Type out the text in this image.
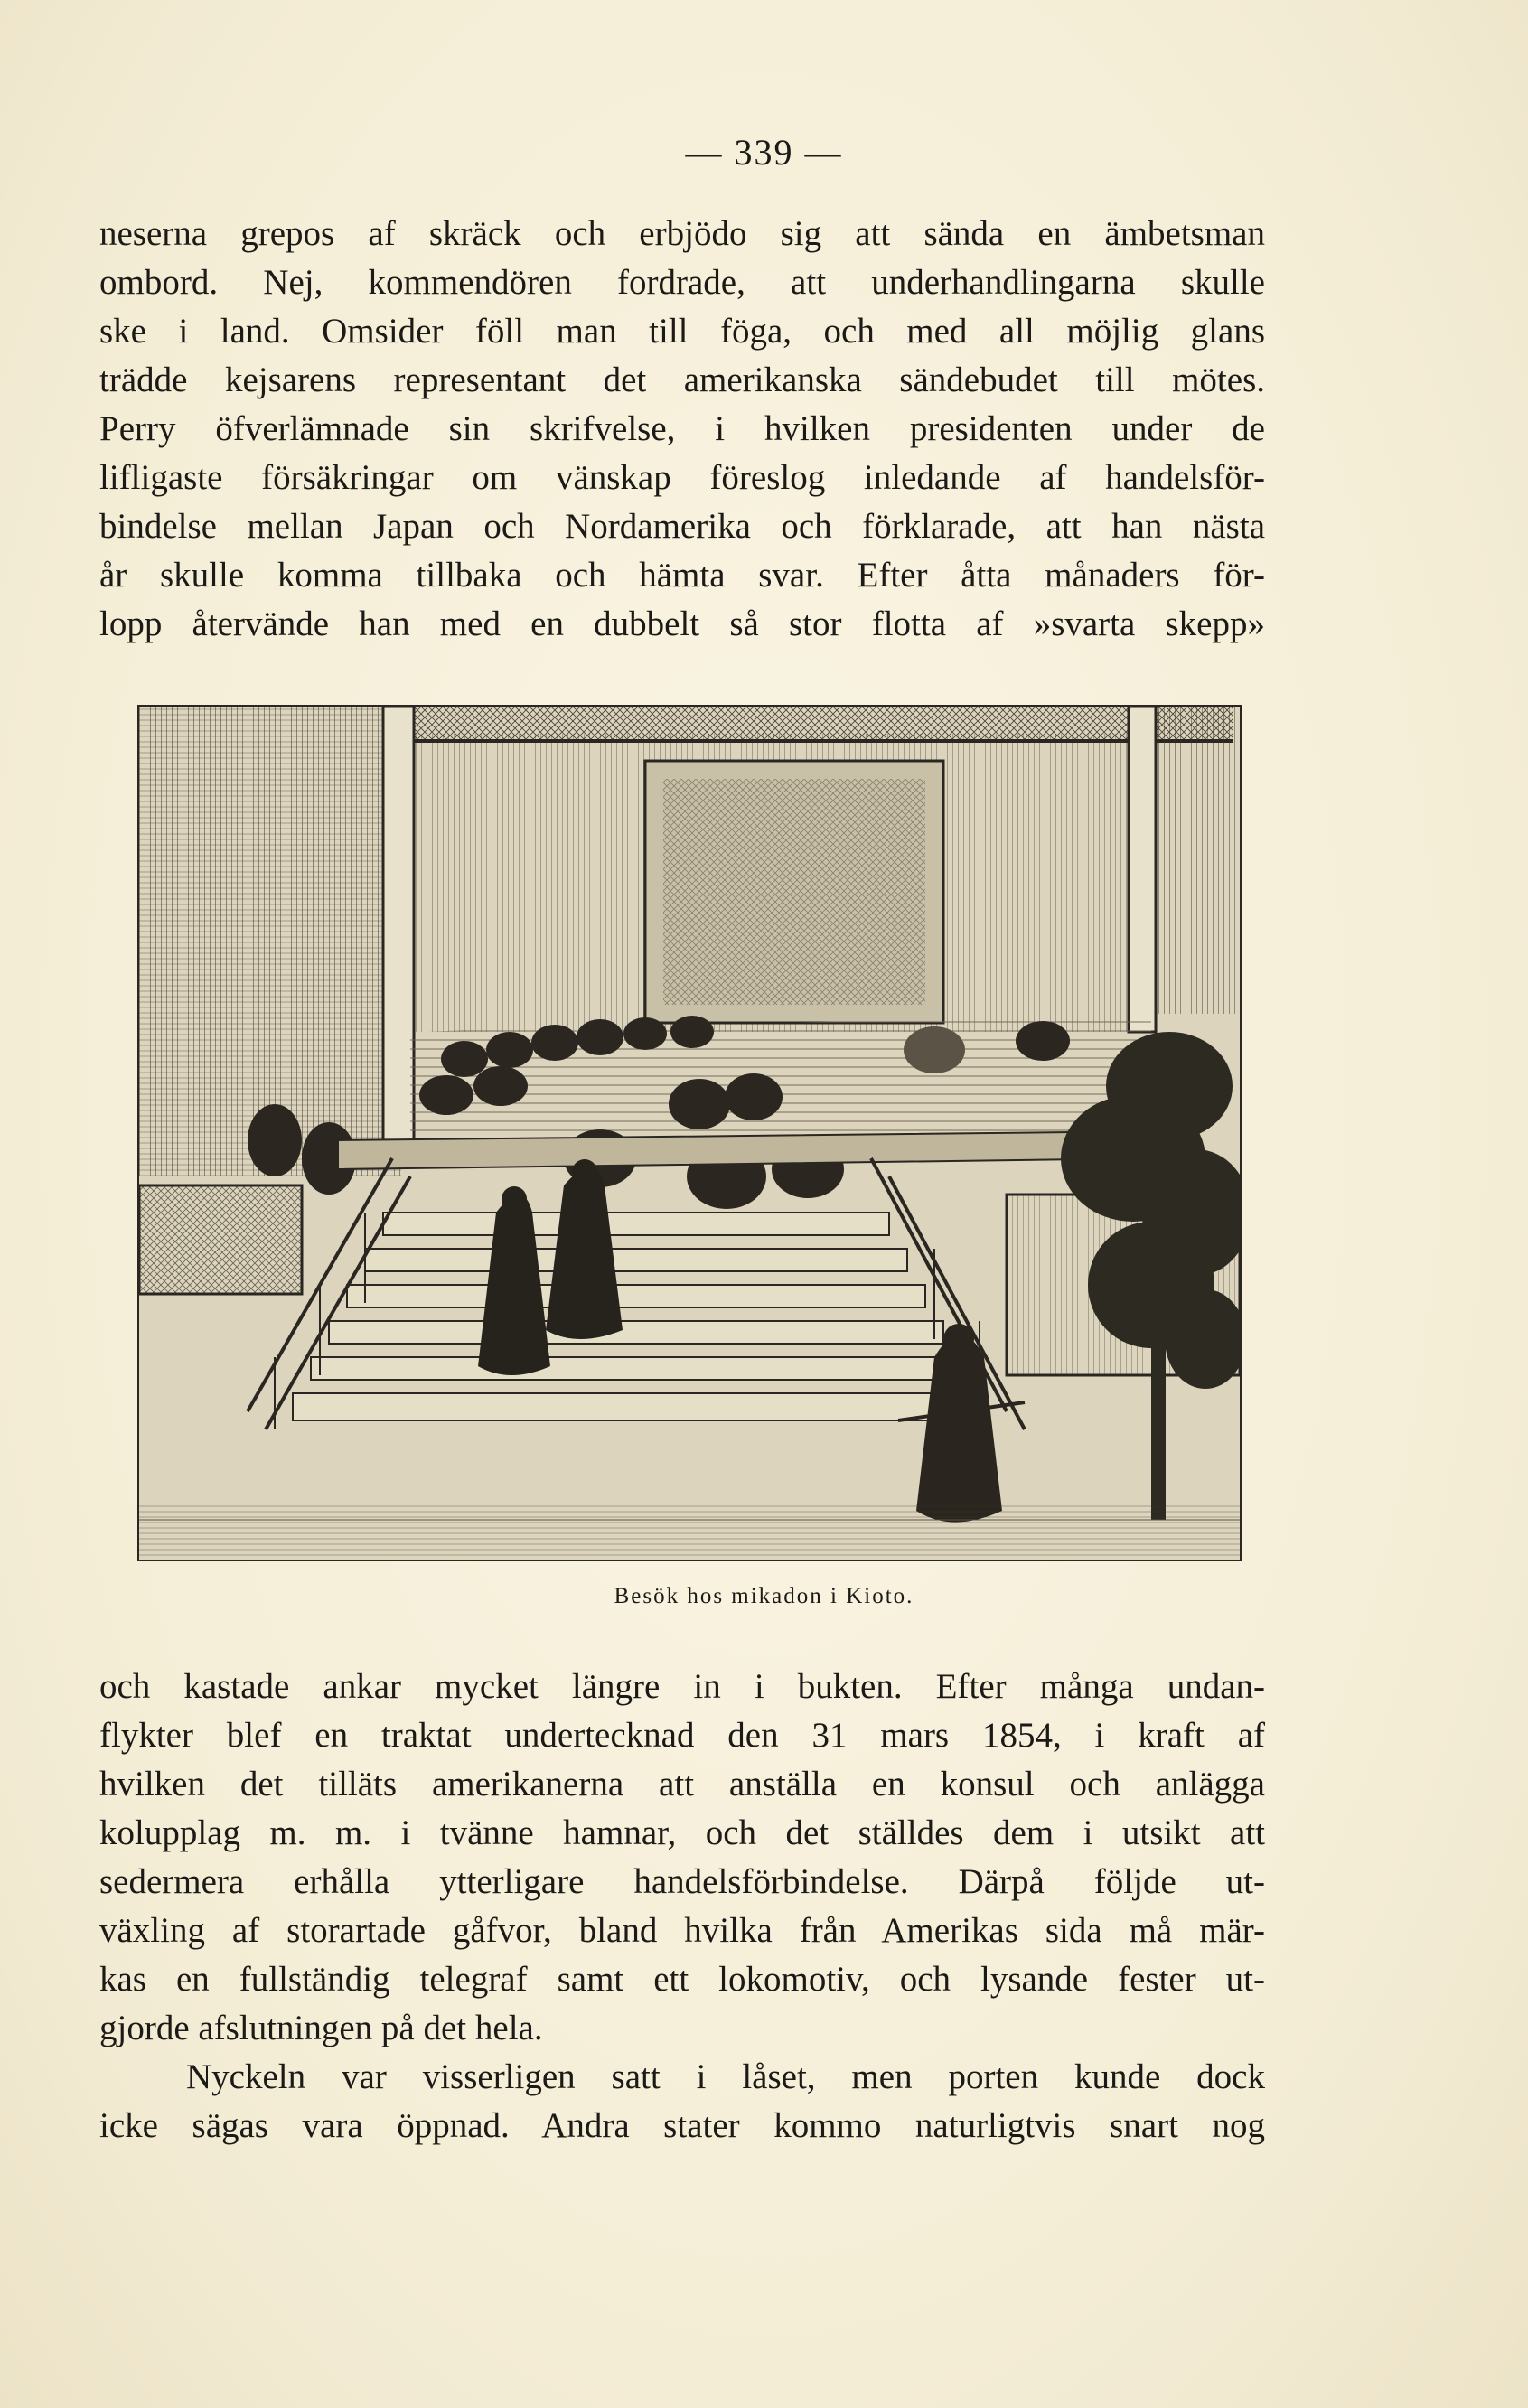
— 339 —
neserna grepos af skräck och erbjödo sig att sända en ämbetsman
ombord. Nej, kommendören fordrade, att underhandlingarna skulle
ske i land. Omsider föll man till föga, och med all möjlig glans
trädde kejsarens representant det amerikanska sändebudet till mötes.
Perry öfverlämnade sin skrifvelse, i hvilken presidenten under de
lifligaste försäkringar om vänskap föreslog inledande af handelsför-
bindelse mellan Japan och Nordamerika och förklarade, att han nästa
år skulle komma tillbaka och hämta svar. Efter åtta månaders för-
lopp återvände han med en dubbelt så stor flotta af »svarta skepp»
Besök hos mikadon i Kioto.
och kastade ankar mycket längre in i bukten. Efter många undan-
flykter blef en traktat undertecknad den 31 mars 1854, i kraft af
hvilken det tilläts amerikanerna att anställa en konsul och anlägga
kolupplag m. m. i tvänne hamnar, och det ställdes dem i utsikt att
sedermera erhålla ytterligare handelsförbindelse. Därpå följde ut-
växling af storartade gåfvor, bland hvilka från Amerikas sida må mär-
kas en fullständig telegraf samt ett lokomotiv, och lysande fester ut-
gjorde afslutningen på det hela.
Nyckeln var visserligen satt i låset, men porten kunde dock
icke sägas vara öppnad. Andra stater kommo naturligtvis snart nog
